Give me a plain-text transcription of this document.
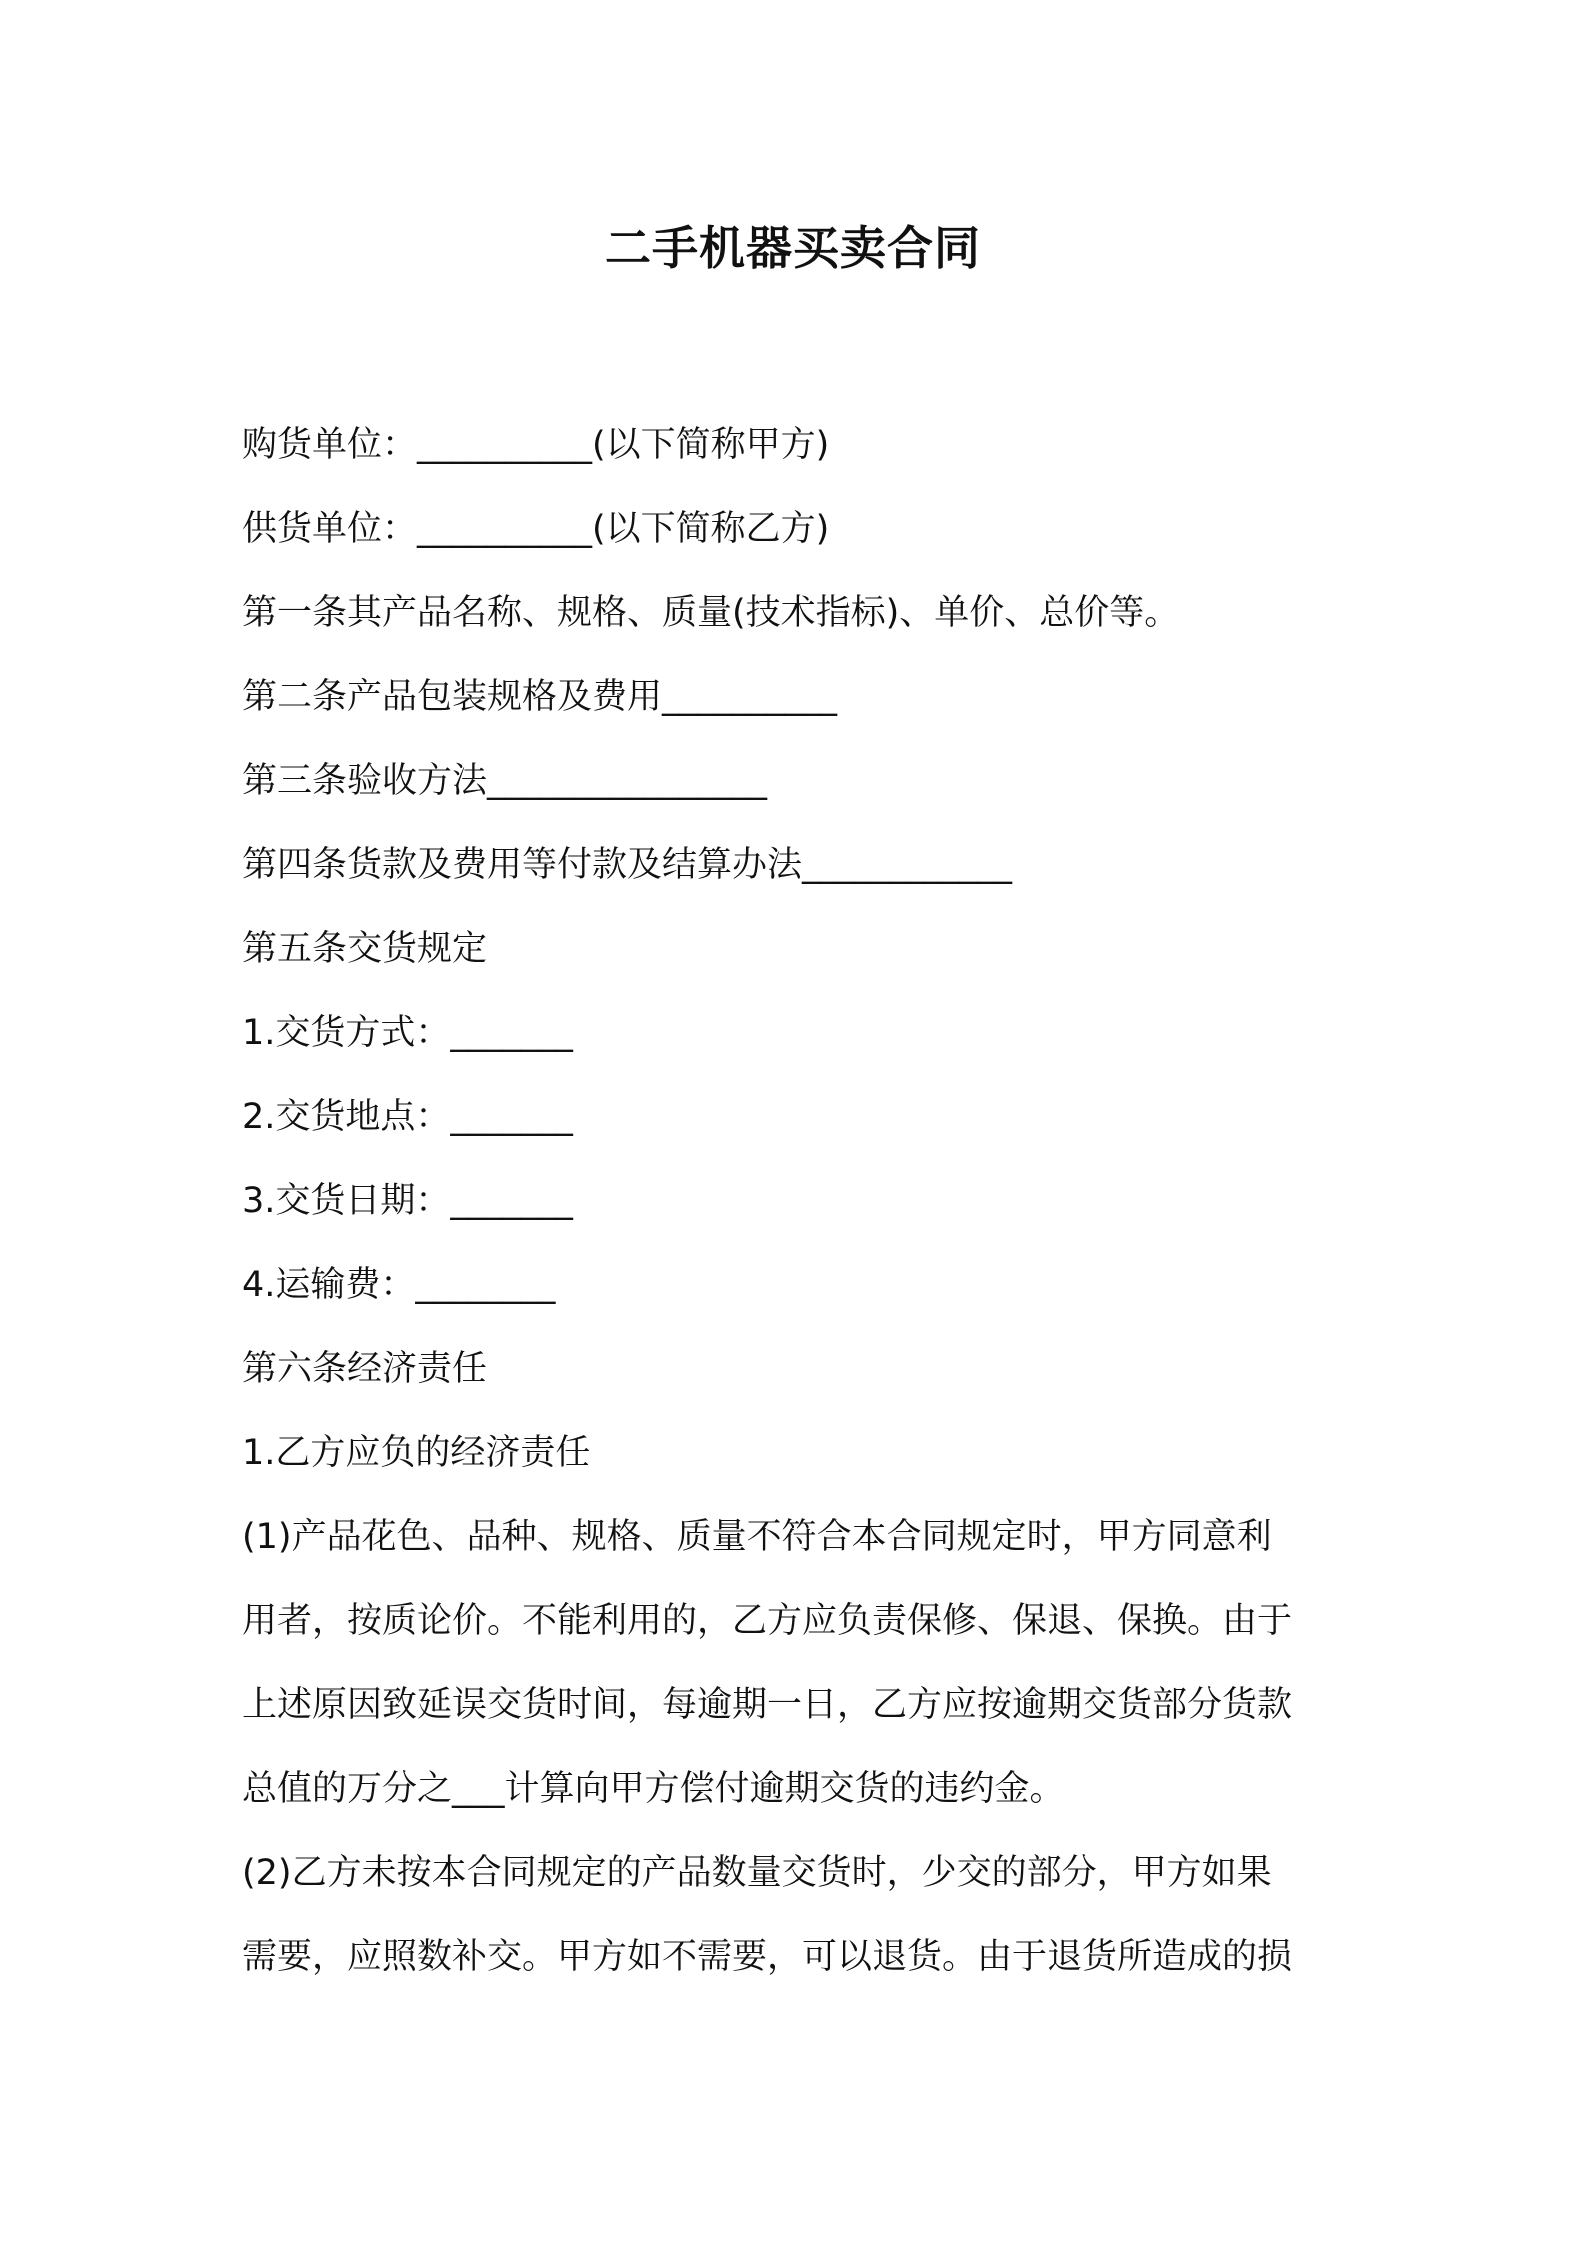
二手机器买卖合同
购货单位：__________(以下简称甲方)
供货单位：__________(以下简称乙方)
第一条其产品名称、规格、质量(技术指标)、单价、总价等。
第二条产品包装规格及费用__________
第三条验收方法________________
第四条货款及费用等付款及结算办法____________
第五条交货规定
1.交货方式：_______
2.交货地点：_______
3.交货日期：_______
4.运输费：________
第六条经济责任
1.乙方应负的经济责任
(1)产品花色、品种、规格、质量不符合本合同规定时，甲方同意利
用者，按质论价。不能利用的，乙方应负责保修、保退、保换。由于
上述原因致延误交货时间，每逾期一日，乙方应按逾期交货部分货款
总值的万分之___计算向甲方偿付逾期交货的违约金。
(2)乙方未按本合同规定的产品数量交货时，少交的部分，甲方如果
需要，应照数补交。甲方如不需要，可以退货。由于退货所造成的损
